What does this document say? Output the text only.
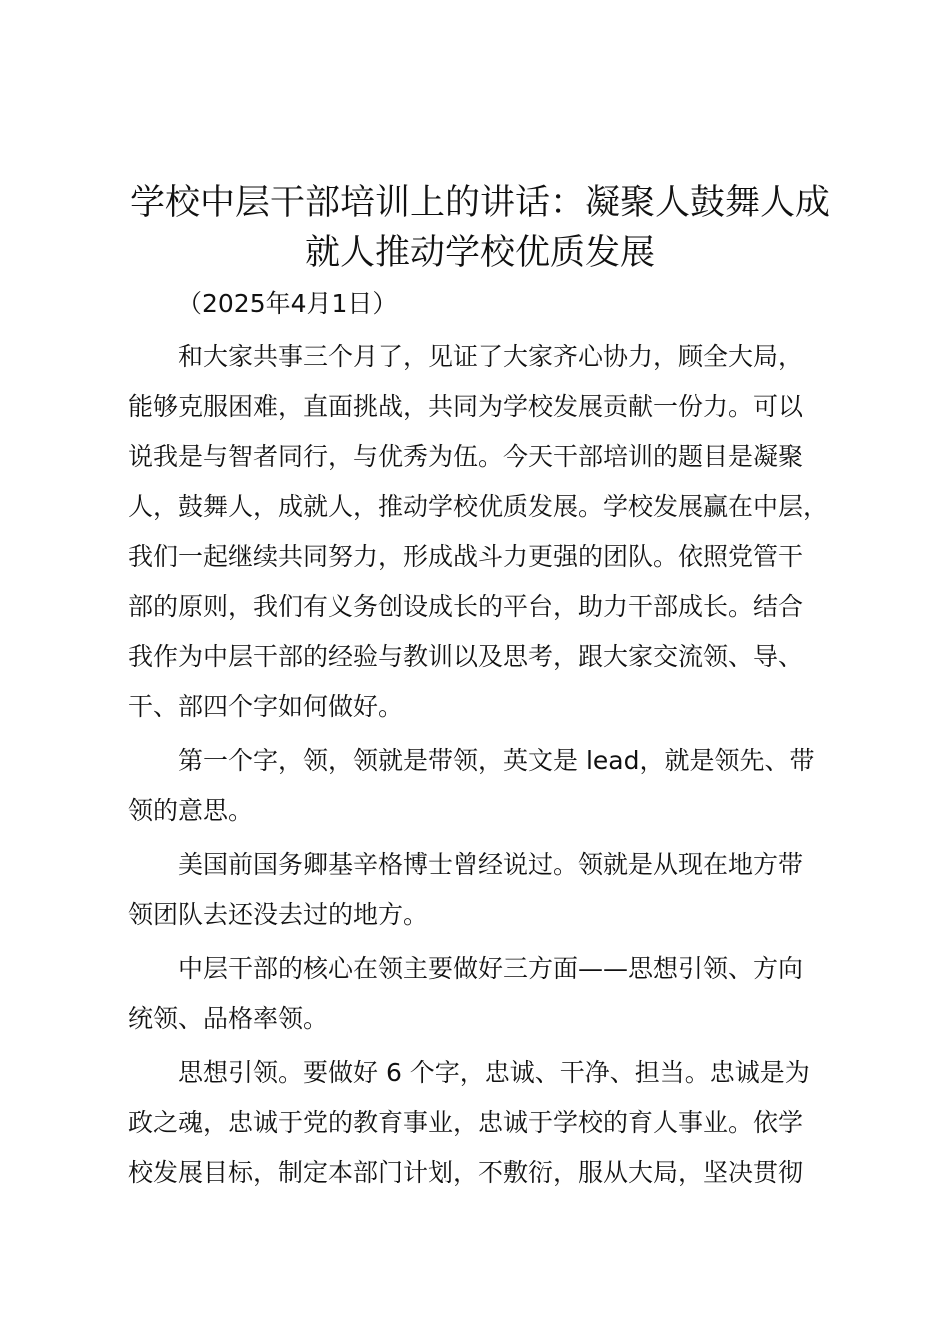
学校中层干部培训上的讲话：凝聚人鼓舞人成
就人推动学校优质发展
（2025年4月1日）

和大家共事三个月了，见证了大家齐心协力，顾全大局，
能够克服困难，直面挑战，共同为学校发展贡献一份力。可以
说我是与智者同行，与优秀为伍。今天干部培训的题目是凝聚
人，鼓舞人，成就人，推动学校优质发展。学校发展赢在中层，
我们一起继续共同努力，形成战斗力更强的团队。依照党管干
部的原则，我们有义务创设成长的平台，助力干部成长。结合
我作为中层干部的经验与教训以及思考，跟大家交流领、导、
干、部四个字如何做好。

第一个字，领，领就是带领，英文是 lead，就是领先、带
领的意思。

美国前国务卿基辛格博士曾经说过。领就是从现在地方带
领团队去还没去过的地方。

中层干部的核心在领主要做好三方面——思想引领、方向
统领、品格率领。

思想引领。要做好 6 个字，忠诚、干净、担当。忠诚是为
政之魂，忠诚于党的教育事业，忠诚于学校的育人事业。依学
校发展目标，制定本部门计划，不敷衍，服从大局，坚决贯彻
